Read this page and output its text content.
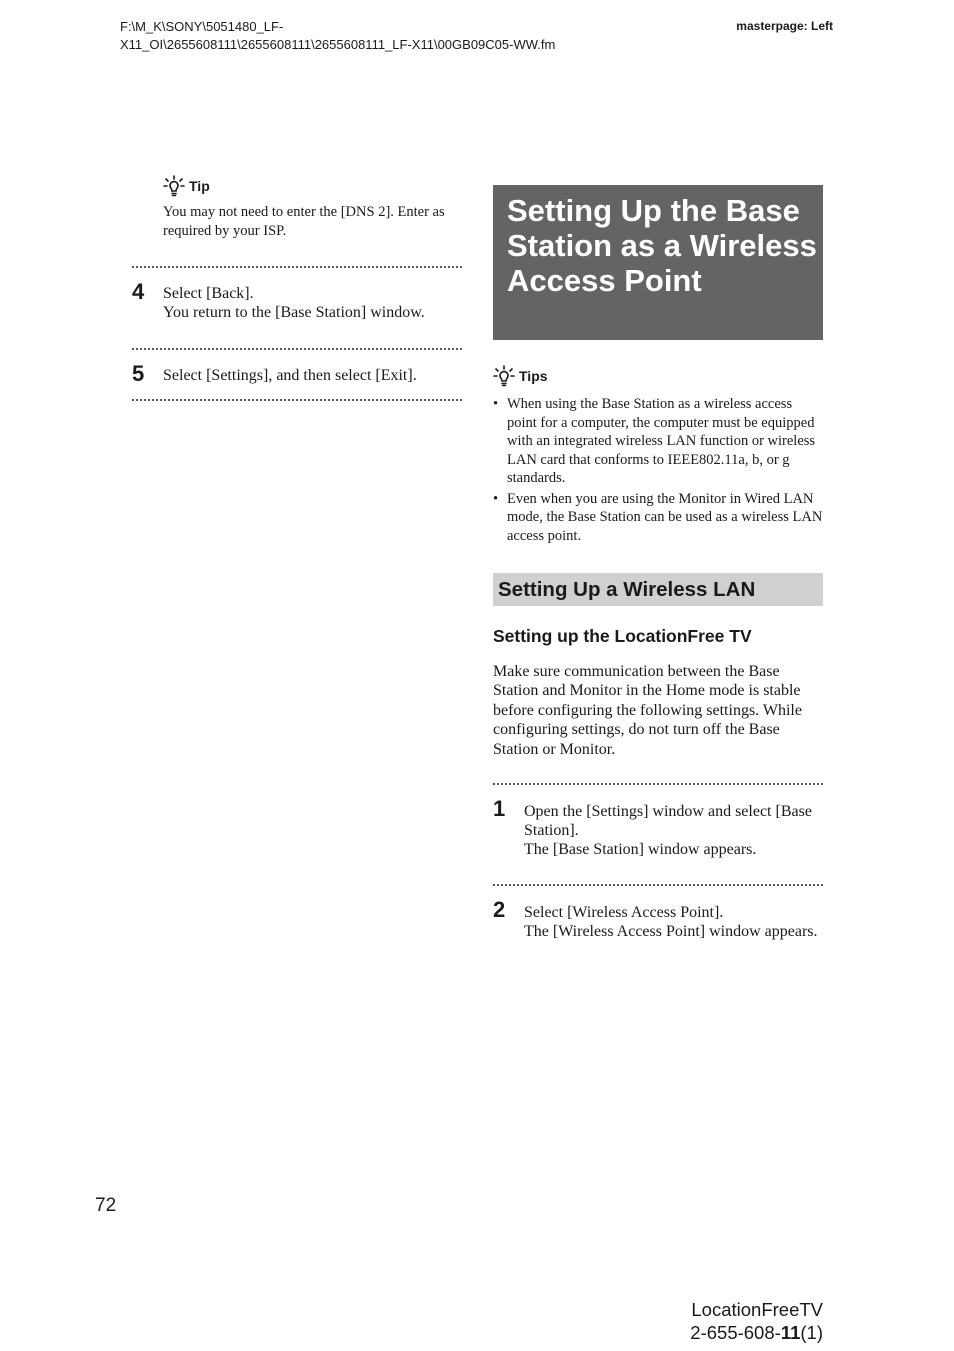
F:\M_K\SONY\5051480_LF-
X11_OI\2655608111\2655608111\2655608111_LF-X11\00GB09C05-WW.fm
masterpage: Left
Tip
You may not need to enter the [DNS 2]. Enter as required by your ISP.
4 Select [Back].
You return to the [Base Station] window.
5 Select [Settings], and then select [Exit].
Setting Up the Base Station as a Wireless Access Point
Tips
• When using the Base Station as a wireless access point for a computer, the computer must be equipped with an integrated wireless LAN function or wireless LAN card that conforms to IEEE802.11a, b, or g standards.
• Even when you are using the Monitor in Wired LAN mode, the Base Station can be used as a wireless LAN access point.
Setting Up a Wireless LAN
Setting up the LocationFree TV
Make sure communication between the Base Station and Monitor in the Home mode is stable before configuring the following settings. While configuring settings, do not turn off the Base Station or Monitor.
1 Open the [Settings] window and select [Base Station].
The [Base Station] window appears.
2 Select [Wireless Access Point].
The [Wireless Access Point] window appears.
72
LocationFreeTV
2-655-608-11(1)
